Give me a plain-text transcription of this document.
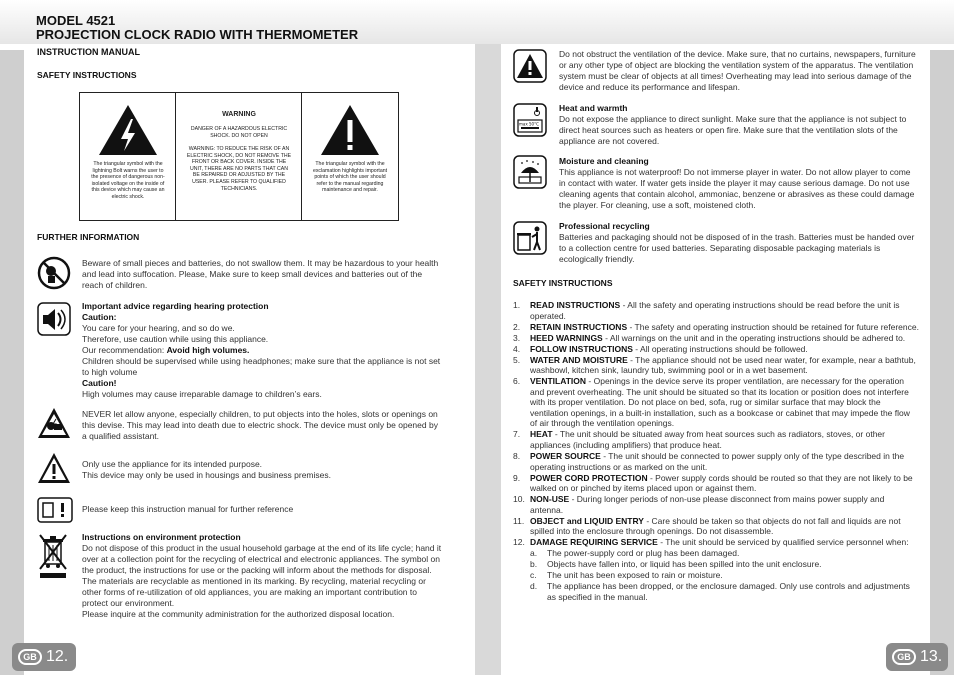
MODEL 4521
PROJECTION CLOCK RADIO WITH THERMOMETER
GB 12.	GB 13.
INSTRUCTION MANUAL
SAFETY INSTRUCTIONS
The triangular symbol with the lightning Bolt warns the user to the presence of dangerous non-isolated voltage on the inside of this device which may cause an electric shock.
WARNING
DANGER OF A HAZARDOUS ELECTRIC SHOCK. DO NOT OPEN
WARNING: TO REDUCE THE RISK OF AN ELECTRIC SHOCK, DO NOT REMOVE THE FRONT OR BACK COVER. INSIDE THE UNIT, THERE ARE NO PARTS THAT CAN BE REPAIRED OR ADJUSTED BY THE USER. PLEASE REFER TO QUALIFIED TECHNICIANS.
The triangular symbol with the exclamation highlights important points of which the user should refer to the manual regarding maintenance and repair.
FURTHER INFORMATION
Beware of small pieces and batteries, do not swallow them. It may be hazardous to your health and lead into suffocation. Please, Make sure to keep small devices and batteries out of the reach of children.
Important advice regarding hearing protection
Caution:
You care for your hearing, and so do we.
Therefore, use caution while using this appliance.
Our recommendation: Avoid high volumes.
Children should be supervised while using headphones; make sure that the appliance is not set to high volume
Caution!
High volumes may cause irreparable damage to children’s ears.
NEVER let allow anyone, especially children, to put objects into the holes, slots or openings on this devise. This may lead into death due to electric shock. The device must only be opened by a qualified assistant.
Only use the appliance for its intended purpose.
This device may only be used in housings and business premises.
Please keep this instruction manual for further reference
Instructions on environment protection
Do not dispose of this product in the usual household garbage at the end of its life cycle; hand it over at a collection point for the recycling of electrical and electronic appliances. The symbol on the product, the instructions for use or the packing will inform about the methods for disposal.
The materials are recyclable as mentioned in its marking. By recycling, material recycling or other forms of re-utilization of old appliances, you are making an important contribution to protect our environment.
Please inquire at the community administration for the authorized disposal location.
Do not obstruct the ventilation of the device. Make sure, that no curtains, newspapers, furniture or any other type of object are blocking the ventilation system of the apparatus. The ventilation system must be clear of objects at all times! Overheating may lead into serious damage of the device and reduce its performance and lifespan.
max 50°C
Heat and warmth
Do not expose the appliance to direct sunlight. Make sure that the appliance is not subject to direct heat sources such as heaters or open fire. Make sure that the ventilation slots of the appliance are not covered.
Moisture and cleaning
This appliance is not waterproof! Do not immerse player in water. Do not allow player to come in contact with water. If water gets inside the player it may cause serious damage. Do not use cleaning agents that contain alcohol, ammoniac, benzene or abrasives as these could damage the player. For cleaning, use a soft, moistened cloth.
Professional recycling
Batteries and packaging should not be disposed of in the trash. Batteries must be handed over to a collection centre for used batteries. Separating disposable packaging materials is ecologically friendly.
SAFETY INSTRUCTIONS
1. READ INSTRUCTIONS - All the safety and operating instructions should be read before the unit is operated.
2. RETAIN INSTRUCTIONS - The safety and operating instruction should be retained for future reference.
3. HEED WARNINGS - All warnings on the unit and in the operating instructions should be adhered to.
4. FOLLOW INSTRUCTIONS - All operating instructions should be followed.
5. WATER AND MOISTURE - The appliance should not be used near water, for example, near a bathtub, washbowl, kitchen sink, laundry tub, swimming pool or in a wet basement.
6. VENTILATION - Openings in the device serve its proper ventilation, are necessary for the operation and prevent overheating. The unit should be situated so that its location or position does not interfere with its proper ventilation. Do not place on bed, sofa, rug or similar surface that may block the ventilation openings, in a built-in installation, such as a bookcase or cabinet that may impede the flow of air through the ventilation openings.
7. HEAT - The unit should be situated away from heat sources such as radiators, stoves, or other appliances (including amplifiers) that produce heat.
8. POWER SOURCE - The unit should be connected to power supply only of the type described in the operating instructions or as marked on the unit.
9. POWER CORD PROTECTION - Power supply cords should be routed so that they are not likely to be walked on or pinched by items placed upon or against them.
10. NON-USE - During longer periods of non-use please disconnect from mains power supply and antenna.
11. OBJECT and LIQUID ENTRY - Care should be taken so that objects do not fall and liquids are not spilled into the enclosure through openings. Do not disassemble.
12. DAMAGE REQUIRING SERVICE - The unit should be serviced by qualified service personnel when:
a. The power-supply cord or plug has been damaged.
b. Objects have fallen into, or liquid has been spilled into the unit enclosure.
c. The unit has been exposed to rain or moisture.
d. The appliance has been dropped, or the enclosure damaged. Only use controls and adjustments as specified in the manual.
